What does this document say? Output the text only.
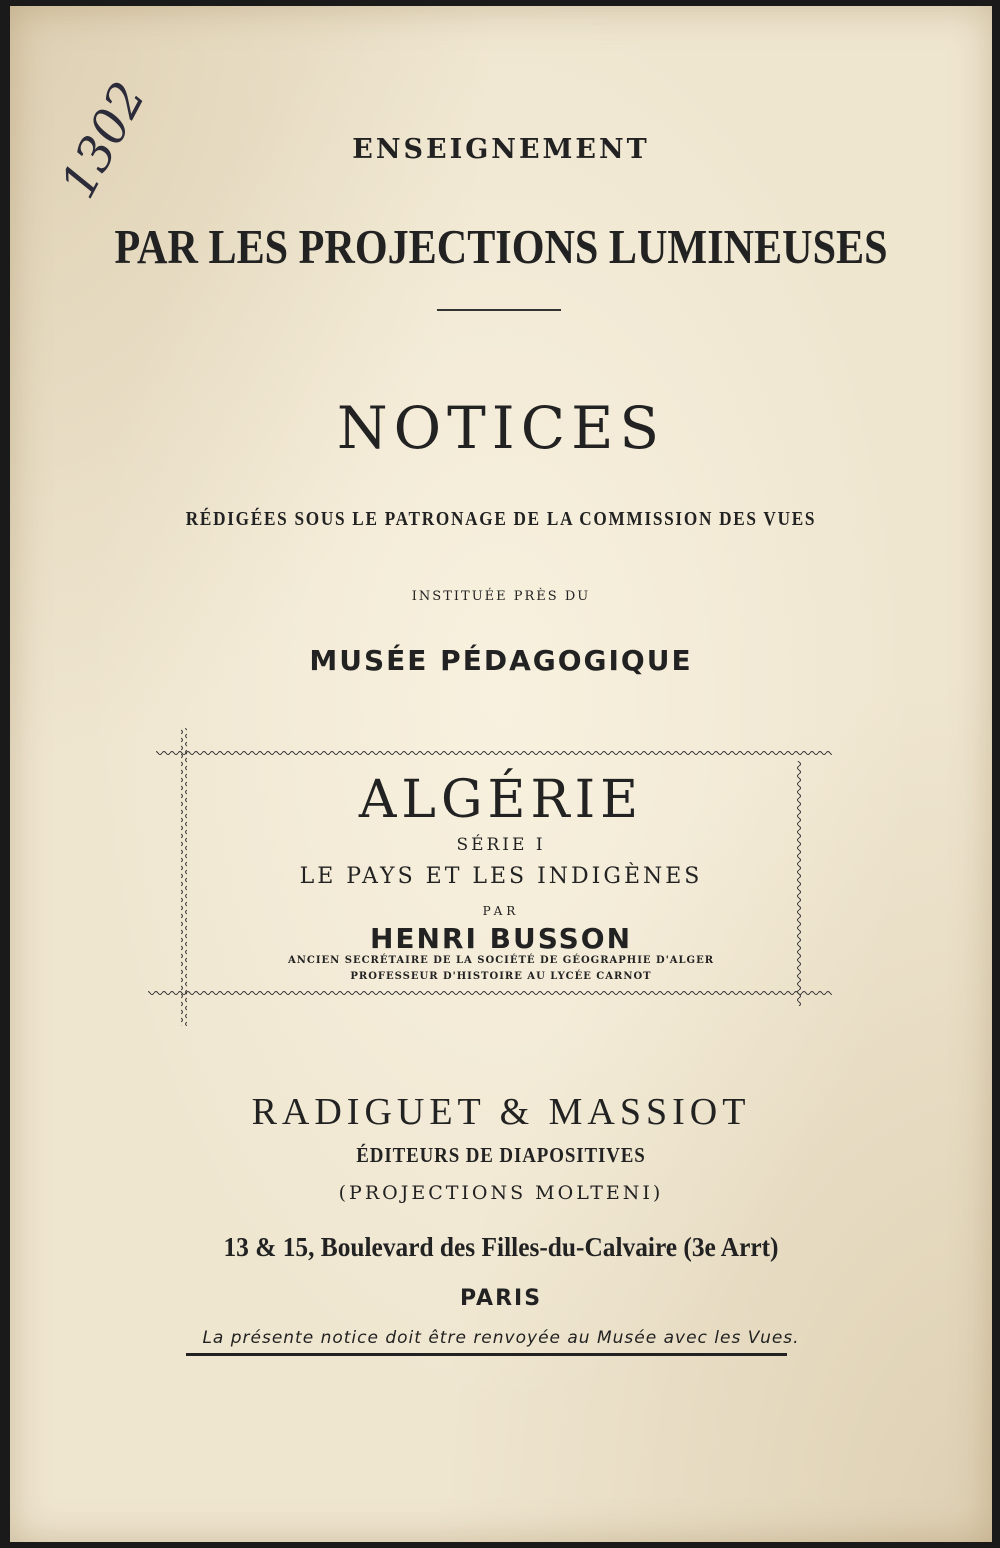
1302	ENSEIGNEMENT
PAR LES PROJECTIONS LUMINEUSES
NOTICES
RÉDIGÉES SOUS LE PATRONAGE DE LA COMMISSION DES VUES
INSTITUÉE PRÈS DU
MUSÉE PÉDAGOGIQUE
ALGÉRIE
SÉRIE I
LE PAYS ET LES INDIGÈNES
PAR
HENRI BUSSON
ANCIEN SECRÉTAIRE DE LA SOCIÉTÉ DE GÉOGRAPHIE D'ALGER
PROFESSEUR D'HISTOIRE AU LYCÉE CARNOT
RADIGUET & MASSIOT
ÉDITEURS DE DIAPOSITIVES
(PROJECTIONS MOLTENI)
13 & 15, Boulevard des Filles-du-Calvaire (3e Arrt)
PARIS
La présente notice doit être renvoyée au Musée avec les Vues.
